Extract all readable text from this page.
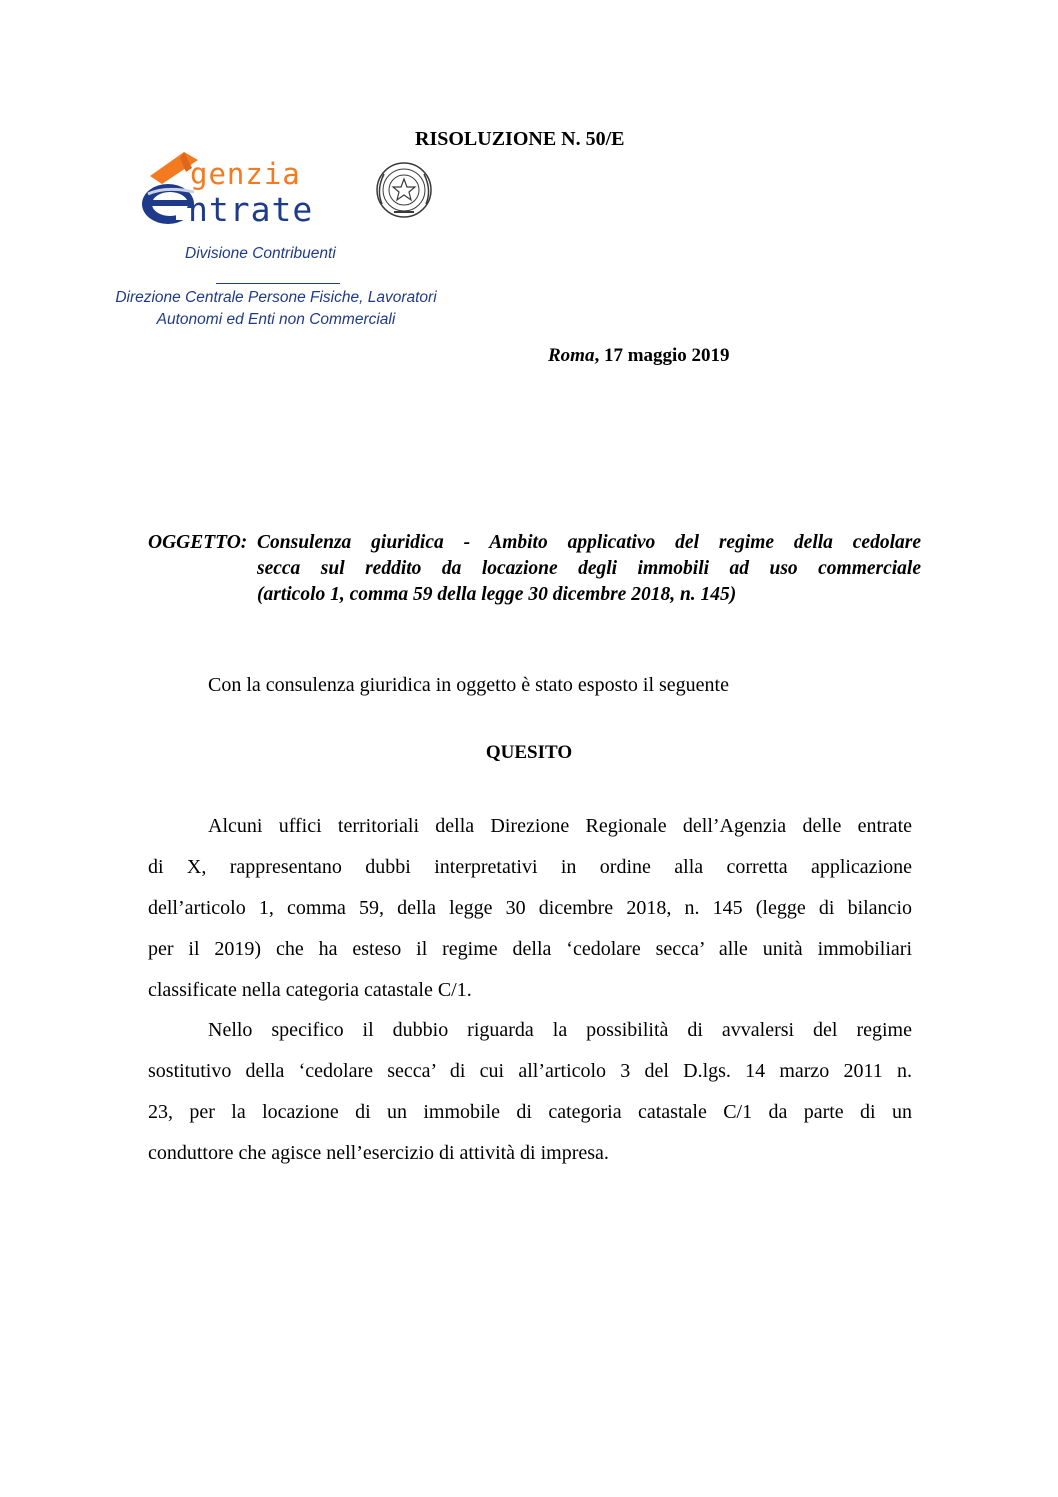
RISOLUZIONE N. 50/E
genzia
ntrate
Divisione Contribuenti
Direzione Centrale Persone Fisiche, Lavoratori
Autonomi ed Enti non Commerciali
Roma, 17 maggio 2019
OGGETTO: Consulenza giuridica - Ambito applicativo del regime della cedolare
secca sul reddito da locazione degli immobili ad uso commerciale
(articolo 1, comma 59 della legge 30 dicembre 2018, n. 145)
Con la consulenza giuridica in oggetto è stato esposto il seguente
QUESITO
Alcuni uffici territoriali della Direzione Regionale dell’Agenzia delle entrate
di X, rappresentano dubbi interpretativi in ordine alla corretta applicazione
dell’articolo 1, comma 59, della legge 30 dicembre 2018, n. 145 (legge di bilancio
per il 2019) che ha esteso il regime della ‘cedolare secca’ alle unità immobiliari
classificate nella categoria catastale C/1.
Nello specifico il dubbio riguarda la possibilità di avvalersi del regime
sostitutivo della ‘cedolare secca’ di cui all’articolo 3 del D.lgs. 14 marzo 2011 n.
23, per la locazione di un immobile di categoria catastale C/1 da parte di un
conduttore che agisce nell’esercizio di attività di impresa.
